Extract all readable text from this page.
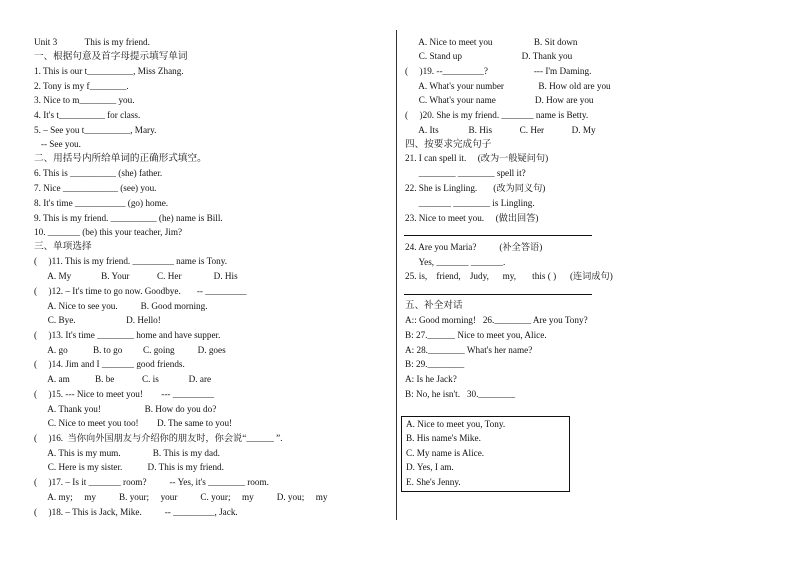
Unit 3            This is my friend.
一、根据句意及首字母提示填写单词
1. This is our t__________, Miss Zhang.
2. Tony is my f________.
3. Nice to m________ you.
4. It's t__________ for class.
5. – See you t__________, Mary.
-- See you.
二、用括号内所给单词的正确形式填空。
6. This is __________ (she) father.
7. Nice ____________ (see) you.
8. It's time ___________ (go) home.
9. This is my friend. __________ (he) name is Bill.
10. _______ (be) this your teacher, Jim?
三、单项选择
(     )11. This is my friend. _________ name is Tony.
A. My             B. Your            C. Her              D. His
(     )12. – It's time to go now. Goodbye.       -- _________
A. Nice to see you.          B. Good morning.
C. Bye.                      D. Hello!
(     )13. It's time ________ home and have supper.
A. go           B. to go         C. going          D. goes
(     )14. Jim and I _______ good friends.
A. am           B. be            C. is             D. are
(     )15. --- Nice to meet you!        --- _________
A. Thank you!                   B. How do you do?
C. Nice to meet you too!        D. The same to you!
(     )16.  当你向外国朋友与介绍你的朋友时，你会说“______ ”.
A. This is my mum.              B. This is my dad.
C. Here is my sister.           D. This is my friend.
(     )17. – Is it _______ room?          -- Yes, it's ________ room.
A. my;     my          B. your;     your          C. your;     my          D. you;     my
(     )18. – This is Jack, Mike.          -- _________, Jack.
A. Nice to meet you                  B. Sit down
C. Stand up                          D. Thank you
(     )19. --_________?                    --- I'm Daming.
A. What's your number               B. How old are you
C. What's your name                 D. How are you
(     )20. She is my friend. _______ name is Betty.
A. Its             B. His            C. Her            D. My
四、按要求完成句子
21. I can spell it.     (改为一般疑问句)
________ ________ spell it?
22. She is Lingling.       (改为同义句)
_______ ________ is Lingling.
23. Nice to meet you.     (做出回答)
24. Are you Maria?          (补全答语)
Yes, _______ _______.
25. is,    friend,    Judy,      my,       this ( )      (连词成句)
五、补全对话
A:: Good morning!   26.________ Are you Tony?
B: 27.______ Nice to meet you, Alice.
A: 28.________ What's her name?
B: 29.________
A: Is he Jack?
B: No, he isn't.   30.________
A. Nice to meet you, Tony.
B. His name's Mike.
C. My name is Alice.
D. Yes, I am.
E. She's Jenny.
